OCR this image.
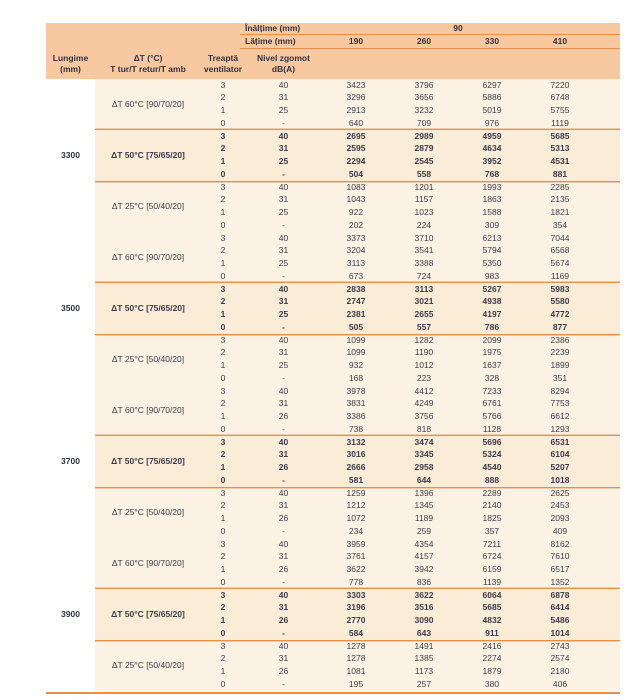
Înălțime (mm)	90
Lățime (mm)	190	260	330	410
Lungime
(mm)
ΔT (°C)
T tur/T retur/T amb
Treaptă
ventilator
Nivel zgomot
dB(A)
3300
ΔT 60°C [90/70/20]
3	40	3423	3796	6297	7220
2	31	3296	3656	5886	6748
1	25	2913	3232	5019	5755
0	-	640	709	976	1119
ΔT 50°C [75/65/20]
3	40	2695	2989	4959	5685
2	31	2595	2879	4634	5313
1	25	2294	2545	3952	4531
0	-	504	558	768	881
ΔT 25°C [50/40/20]
3	40	1083	1201	1993	2285
2	31	1043	1157	1863	2135
1	25	922	1023	1588	1821
0	-	202	224	309	354
3500
ΔT 60°C [90/70/20]
3	40	3373	3710	6213	7044
2	31	3204	3541	5794	6568
1	25	3113	3388	5350	5674
0	-	673	724	983	1169
ΔT 50°C [75/65/20]
3	40	2838	3113	5267	5983
2	31	2747	3021	4938	5580
1	25	2381	2655	4197	4772
0	-	505	557	786	877
ΔT 25°C [50/40/20]
3	40	1099	1282	2099	2386
2	31	1099	1190	1975	2239
1	25	932	1012	1637	1899
0	-	168	223	328	351
3700
ΔT 60°C [90/70/20]
3	40	3978	4412	7233	8294
2	31	3831	4249	6761	7753
1	26	3386	3756	5766	6612
0	-	738	818	1128	1293
ΔT 50°C [75/65/20]
3	40	3132	3474	5696	6531
2	31	3016	3345	5324	6104
1	26	2666	2958	4540	5207
0	-	581	644	888	1018
ΔT 25°C [50/40/20]
3	40	1259	1396	2289	2625
2	31	1212	1345	2140	2453
1	26	1072	1189	1825	2093
0	-	234	259	357	409
3900
ΔT 60°C [90/70/20]
3	40	3959	4354	7211	8162
2	31	3761	4157	6724	7610
1	26	3622	3942	6159	6517
0	-	778	836	1139	1352
ΔT 50°C [75/65/20]
3	40	3303	3622	6064	6878
2	31	3196	3516	5685	6414
1	26	2770	3090	4832	5486
0	-	584	643	911	1014
ΔT 25°C [50/40/20]
3	40	1278	1491	2416	2743
2	31	1278	1385	2274	2574
1	26	1081	1173	1879	2180
0	-	195	257	380	406
